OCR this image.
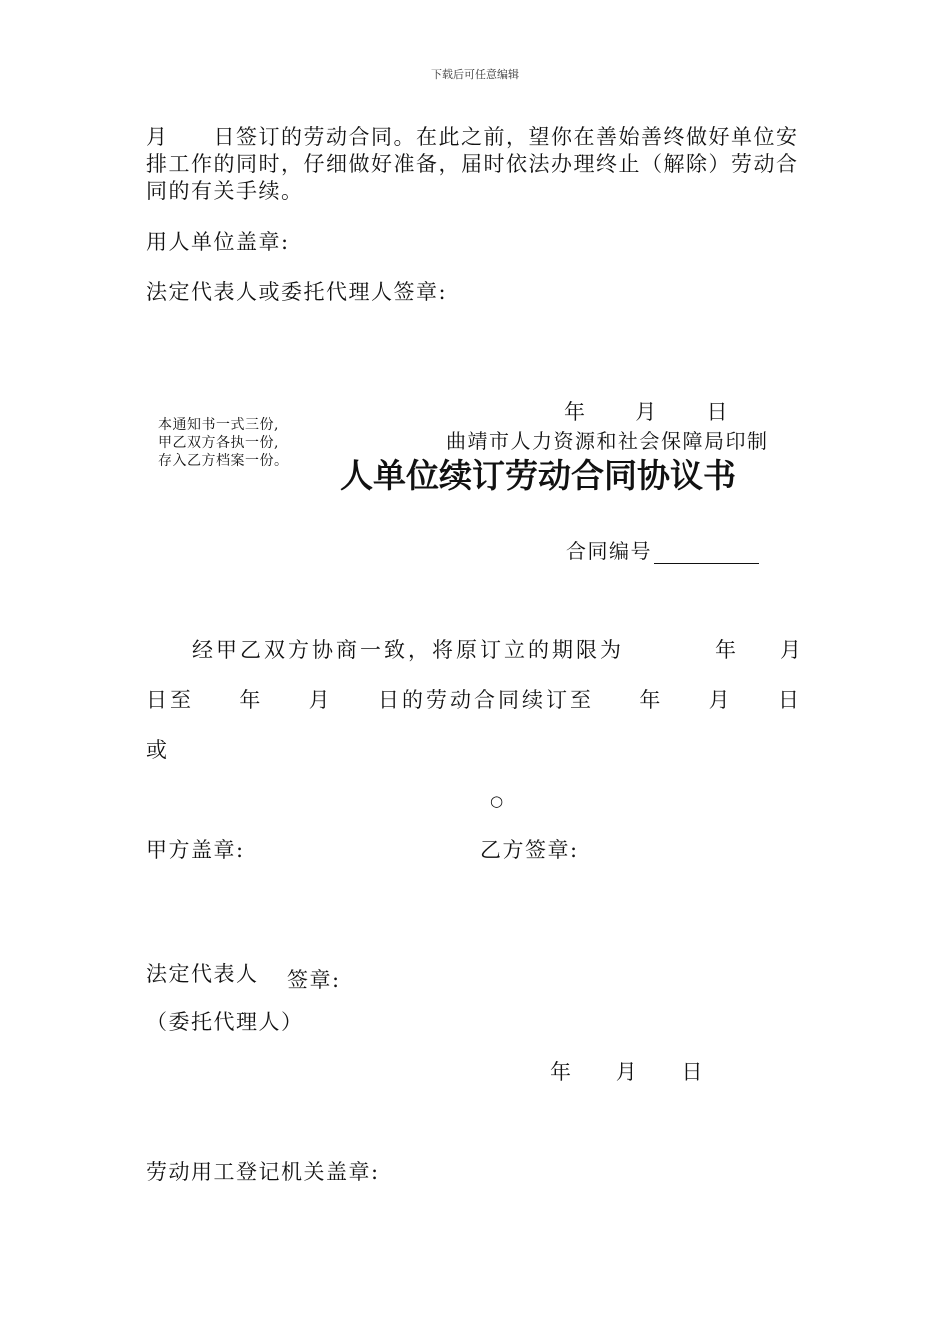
下载后可任意编辑
月　　日签订的劳动合同。在此之前，望你在善始善终做好单位安排工作的同时，仔细做好准备，届时依法办理终止（解除）劳动合同的有关手续。
用人单位盖章:
法定代表人或委托代理人签章:
年 月 日
本通知书一式三份,
甲乙双方各执一份,
存入乙方档案一份。
曲靖市人力资源和社会保障局印制
人单位续订劳动合同协议书
合同编号
经甲乙双方协商一致，将原订立的期限为	年 月
日至 年 月 日的劳动合同续订至 年 月 日
或
○
甲方盖章:	乙方签章:
法定代表人 签章:
（委托代理人）
年 月 日
劳动用工登记机关盖章:
